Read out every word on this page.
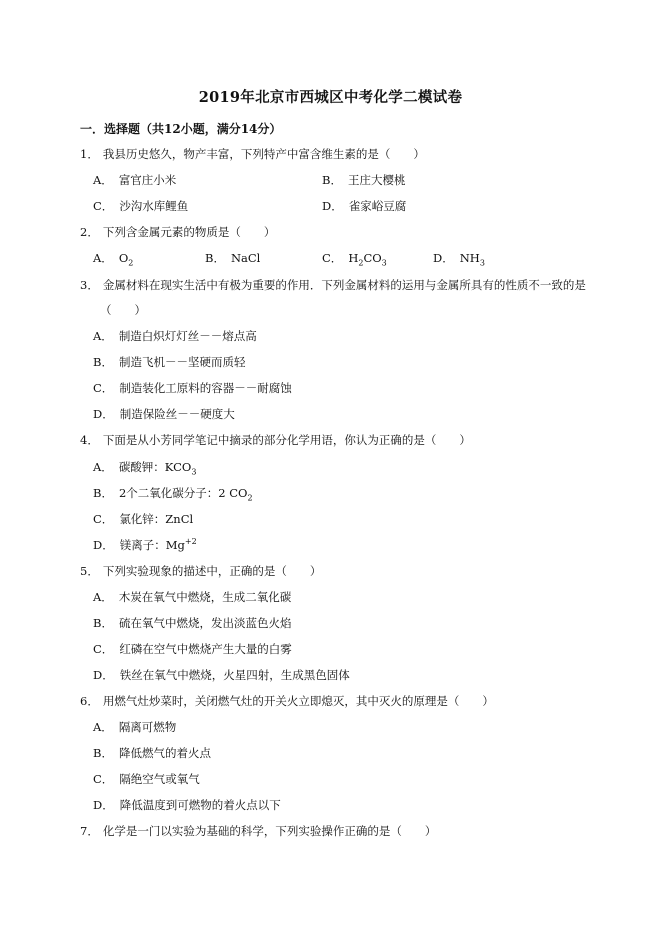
2019年北京市西城区中考化学二模试卷
一．选择题（共12小题，满分14分）
1． 我县历史悠久，物产丰富，下列特产中富含维生素的是（　　）
A． 富官庄小米	B． 王庄大樱桃
C． 沙沟水库鲤鱼	D． 雀家峪豆腐
2． 下列含金属元素的物质是（　　）
A． $O_2$	B． NaCl	C． $H_2CO_3$	D． $NH_3$
3． 金属材料在现实生活中有极为重要的作用．下列金属材料的运用与金属所具有的性质不一致的是
（　　）
A． 制造白炽灯灯丝－－熔点高
B． 制造飞机－－坚硬而质轻
C． 制造装化工原料的容器－－耐腐蚀
D． 制造保险丝－－硬度大
4． 下面是从小芳同学笔记中摘录的部分化学用语，你认为正确的是（　　）
A． 碳酸钾：$KCO_3$
B． 2个二氧化碳分子：2 $CO_2$
C． 氯化锌：ZnCl
D． 镁离子：$Mg^{+2}$
5． 下列实验现象的描述中，正确的是（　　）
A． 木炭在氧气中燃烧，生成二氧化碳
B． 硫在氧气中燃烧，发出淡蓝色火焰
C． 红磷在空气中燃烧产生大量的白雾
D． 铁丝在氧气中燃烧，火星四射，生成黑色固体
6． 用燃气灶炒菜时，关闭燃气灶的开关火立即熄灭，其中灭火的原理是（　　）
A． 隔离可燃物
B． 降低燃气的着火点
C． 隔绝空气或氧气
D． 降低温度到可燃物的着火点以下
7． 化学是一门以实验为基础的科学，下列实验操作正确的是（　　）
